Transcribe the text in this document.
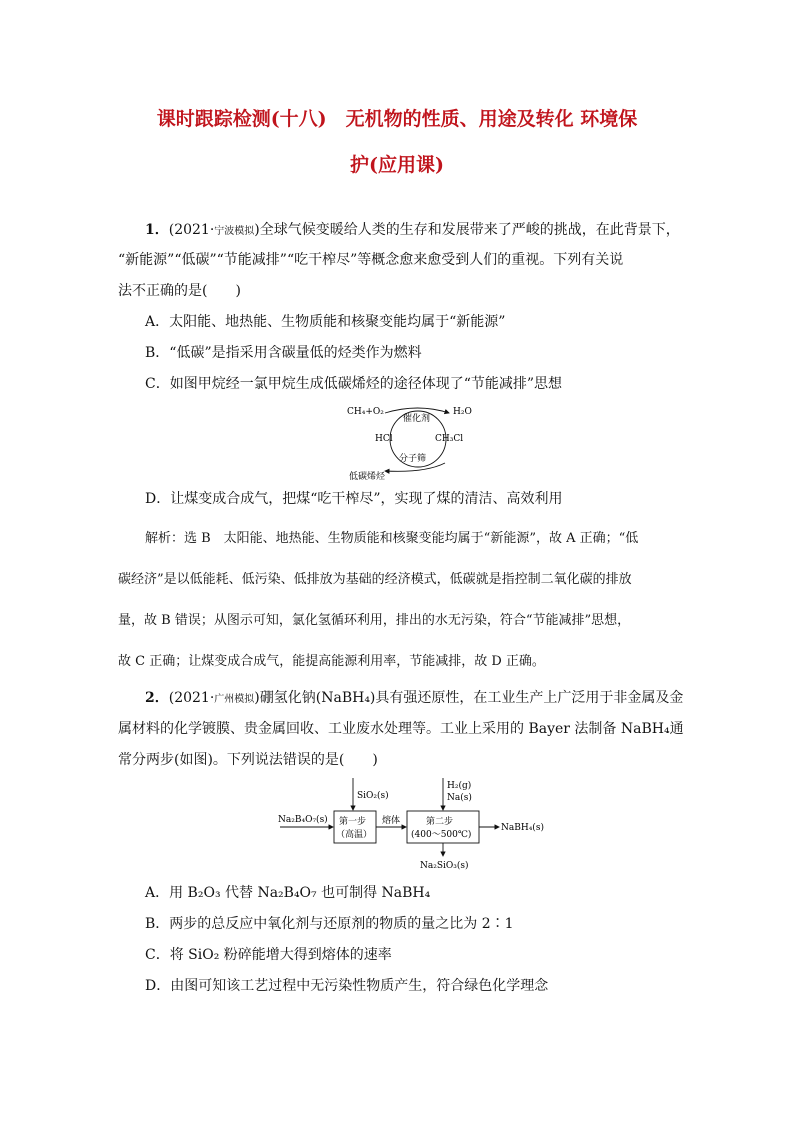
课时跟踪检测(十八)　无机物的性质、用途及转化 环境保
护(应用课)
1．(2021·宁波模拟)全球气候变暖给人类的生存和发展带来了严峻的挑战，在此背景下，
“新能源”“低碳”“节能减排”“吃干榨尽”等概念愈来愈受到人们的重视。下列有关说
法不正确的是(　　)
A．太阳能、地热能、生物质能和核聚变能均属于“新能源”
B．“低碳”是指采用含碳量低的烃类作为燃料
C．如图甲烷经一氯甲烷生成低碳烯烃的途径体现了“节能减排”思想
CH₄+O₂
催化剂
H₂O
HCl	CH₃Cl
分子筛
低碳烯烃
D．让煤变成合成气，把煤“吃干榨尽”，实现了煤的清洁、高效利用
解析：选 B　太阳能、地热能、生物质能和核聚变能均属于“新能源”，故 A 正确；“低
碳经济”是以低能耗、低污染、低排放为基础的经济模式，低碳就是指控制二氧化碳的排放
量，故 B 错误；从图示可知，氯化氢循环利用，排出的水无污染，符合“节能减排”思想，
故 C 正确；让煤变成合成气，能提高能源利用率，节能减排，故 D 正确。
2．(2021·广州模拟)硼氢化钠(NaBH₄)具有强还原性，在工业生产上广泛用于非金属及金
属材料的化学镀膜、贵金属回收、工业废水处理等。工业上采用的 Bayer 法制备 NaBH₄通
常分两步(如图)。下列说法错误的是(　　)
SiO₂(s)
Na₂B₄O₇(s) 第一步
（高温）
熔体
H₂(g)
Na(s)
第二步
(400～500℃)
NaBH₄(s)
Na₂SiO₃(s)
A．用 B₂O₃ 代替 Na₂B₄O₇ 也可制得 NaBH₄
B．两步的总反应中氧化剂与还原剂的物质的量之比为 2∶1
C．将 SiO₂ 粉碎能增大得到熔体的速率
D．由图可知该工艺过程中无污染性物质产生，符合绿色化学理念
